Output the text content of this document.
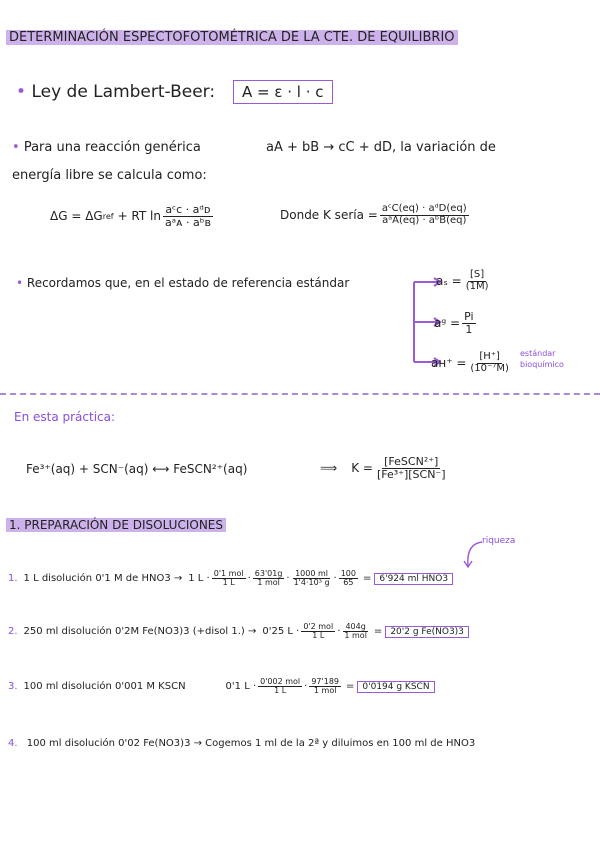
DETERMINACIÓN ESPECTOFOTOMÉTRICA DE LA CTE. DE EQUILIBRIO
• Ley de Lambert-Beer:	A = ε · l · c
• Para una reacción genérica	aA + bB → cC + dD, la variación de
energía libre se calcula como:
ΔG = ΔG ref + RT $\ln \frac{\text{aᶜᴄ · aᵈᴅ}}{\text{aᵃᴀ · aᵇʙ}}$	Donde K sería = $\frac{\text{aᶜC(eq) · aᵈD(eq)}}{\text{aᵃA(eq) · aᵇB(eq)}}$
• Recordamos que, en el estado de referencia estándar	$a_s = \frac{[S]}{(1M)}$
aᵍ = $\frac{Pi}{1}$
aʜ⁺ = $\frac{[H^+]}{\text{(10⁻⁷M)}}$ estándar bioquímico
En esta práctica:
Fe³⁺(aq) + SCN⁻(aq) ⟷ FeSCN²⁺(aq)	⟹ $K = \frac{\text{[FeSCN²⁺]}}{\text{[Fe³⁺][SCN⁻]}}$
1. PREPARACIÓN DE DISOLUCIONES
riqueza
1. 1 L disolución 0'1 M de HNO3 → 1 $L \cdot \frac{\text{0'1 mol}}{1 L} \cdot \frac{63'01g}{\text{1 mol}} \cdot \frac{1000 ml}{\text{1'4·10³ g}} \cdot \frac{100}{65} = 6'924$ ml HNO3
2. 250 ml disolución 0'2M Fe(NO3)3 (+disol 1.) → 0'25 $L \cdot \frac{\text{0'2 mol}}{1 L} \cdot \frac{404g}{\text{1 mol}} = 20'2$ g Fe(NO3)3
3. 100 ml disolución 0'001 M KSCN	0'1 $L \cdot \frac{\text{0'002 mol}}{1 L} \cdot \frac{97'189}{\text{1 mol}} = 0'0194$ g KSCN
4. 100 ml disolución 0'02 Fe(NO3)3 → Cogemos 1 ml de la 2ª y diluimos en 100 ml de HNO3
